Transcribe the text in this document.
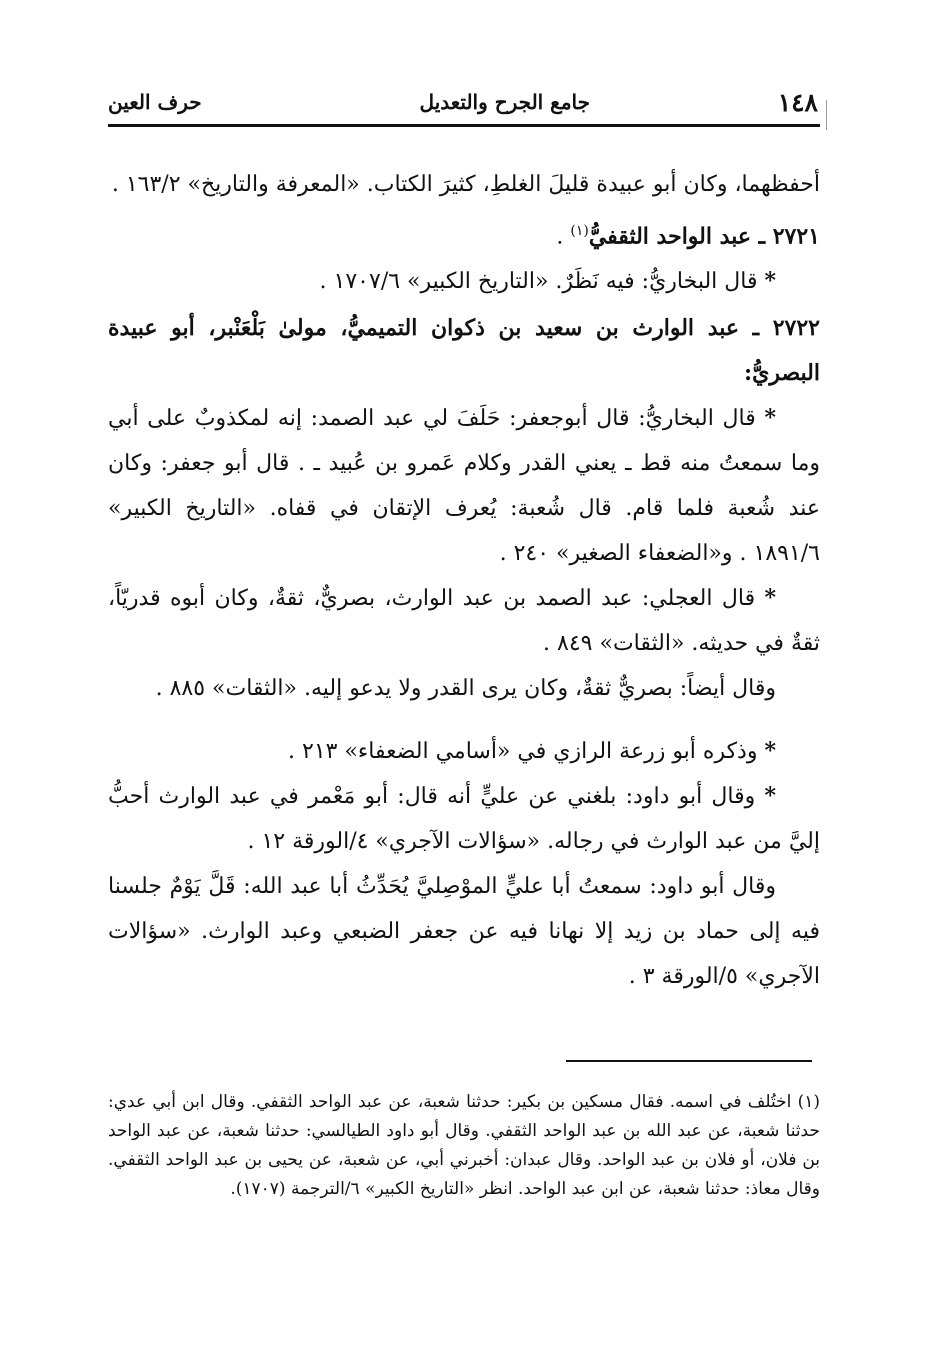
١٤٨
جامع الجرح والتعديل
حرف العين

أحفظهما، وكان أبو عبيدة قليلَ الغلطِ، كثيرَ الكتاب. «المعرفة والتاريخ» ١٦٣/٢ .

٢٧٢١ ـ عبد الواحد الثقفيُّ$^{(١)}$ .

* قال البخاريُّ: فيه نَظَرٌ. «التاريخ الكبير» ١٧٠٧/٦ .

٢٧٢٢ ـ عبد الوارث بن سعيد بن ذكوان التميميُّ، مولىٰ بَلْعَنْبر، أبو عبيدة البصريُّ:

* قال البخاريُّ: قال أبوجعفر: حَلَفَ لي عبد الصمد: إنه لمكذوبٌ على أبي وما سمعتُ منه قط ـ يعني القدر وكلام عَمرو بن عُبيد ـ . قال أبو جعفر: وكان عند شُعبة فلما قام. قال شُعبة: يُعرف الإتقان في قفاه. «التاريخ الكبير» ١٨٩١/٦ . و«الضعفاء الصغير» ٢٤٠ .

* قال العجلي: عبد الصمد بن عبد الوارث، بصريٌّ، ثقةٌ، وكان أبوه قدريّاً، ثقةٌ في حديثه. «الثقات» ٨٤٩ .

وقال أيضاً: بصريٌّ ثقةٌ، وكان يرى القدر ولا يدعو إليه. «الثقات» ٨٨٥ .

* وذكره أبو زرعة الرازي في «أسامي الضعفاء» ٢١٣ .

* وقال أبو داود: بلغني عن عليٍّ أنه قال: أبو مَعْمر في عبد الوارث أحبُّ إليَّ من عبد الوارث في رجاله. «سؤالات الآجري» ٤/الورقة ١٢ .

وقال أبو داود: سمعتُ أبا عليٍّ الموْصِليَّ يُحَدِّثُ أبا عبد الله: قَلَّ يَوْمٌ جلسنا فيه إلى حماد بن زيد إلا نهانا فيه عن جعفر الضبعي وعبد الوارث. «سؤالات الآجري» ٥/الورقة ٣ .

(١) اختُلف في اسمه. فقال مسكين بن بكير: حدثنا شعبة، عن عبد الواحد الثقفي. وقال ابن أبي عدي: حدثنا شعبة، عن عبد الله بن عبد الواحد الثقفي. وقال أبو داود الطيالسي: حدثنا شعبة، عن عبد الواحد بن فلان، أو فلان بن عبد الواحد. وقال عبدان: أخبرني أبي، عن شعبة، عن يحيى بن عبد الواحد الثقفي. وقال معاذ: حدثنا شعبة، عن ابن عبد الواحد. انظر «التاريخ الكبير» ٦/الترجمة (١٧٠٧).
